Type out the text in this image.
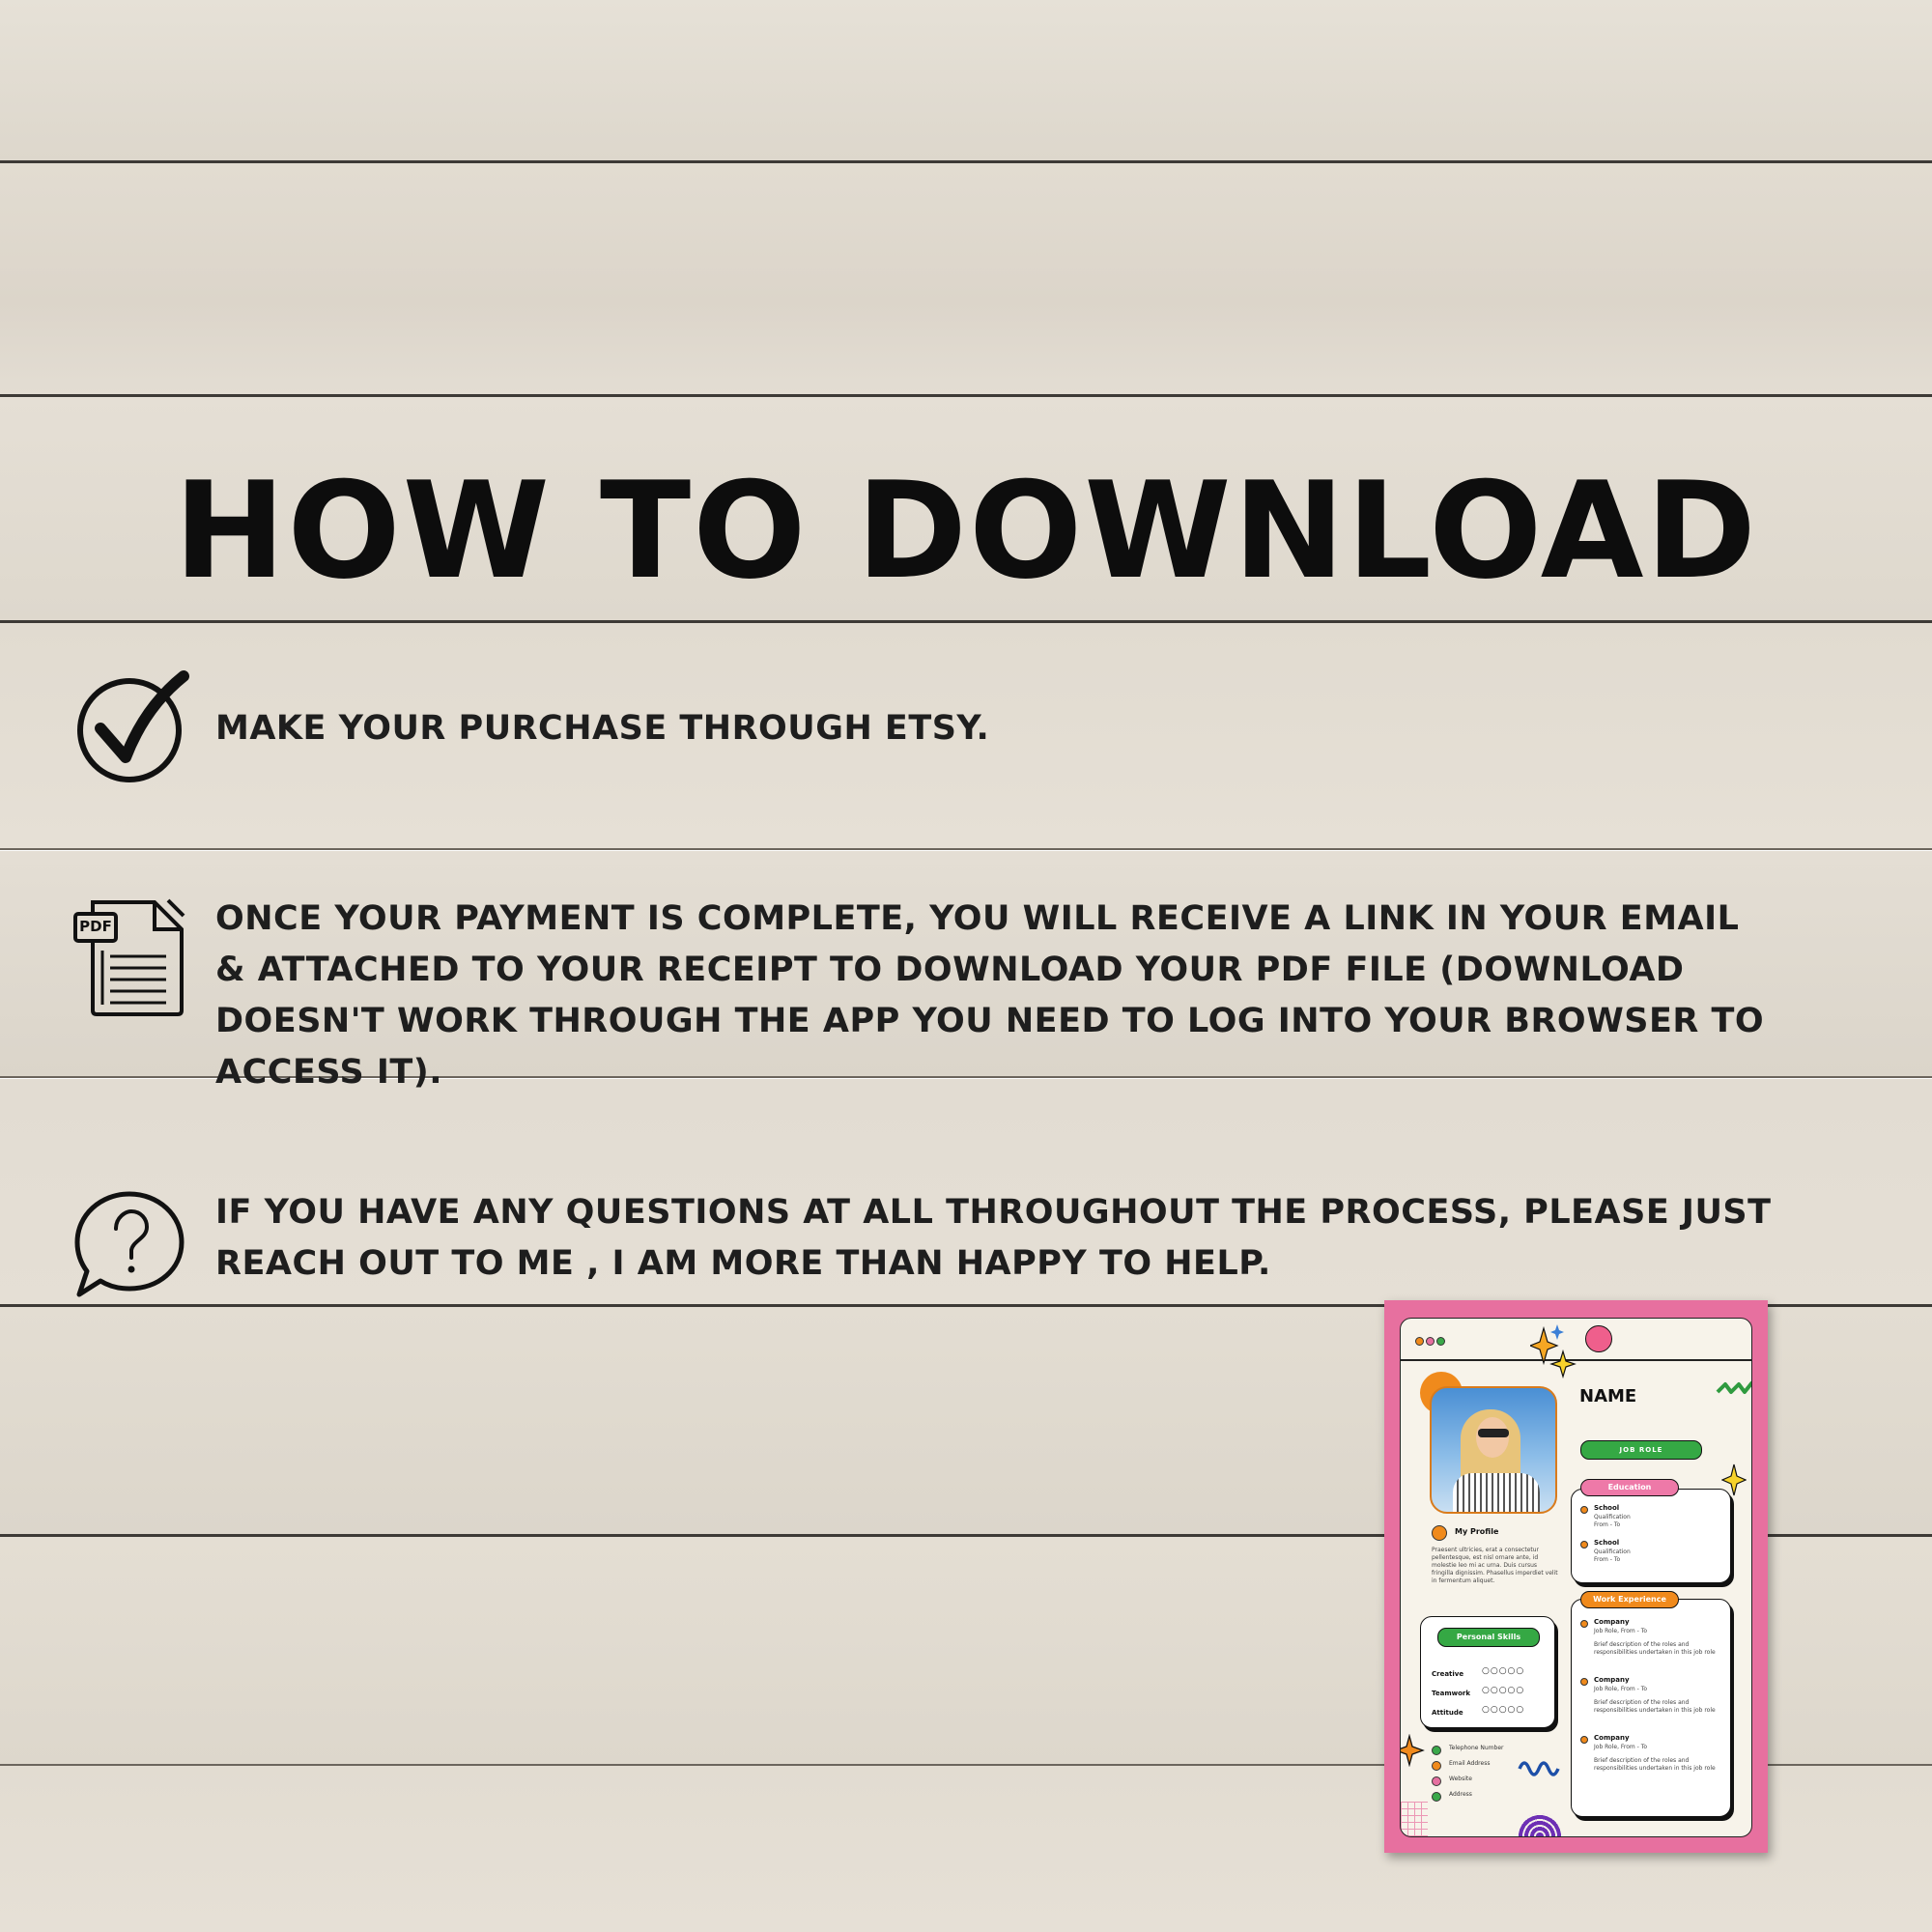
HOW TO DOWNLOAD
MAKE YOUR PURCHASE THROUGH ETSY.
PDF	ONCE YOUR PAYMENT IS COMPLETE, YOU WILL RECEIVE A LINK IN YOUR EMAIL & ATTACHED TO YOUR RECEIPT TO DOWNLOAD YOUR PDF FILE (DOWNLOAD DOESN'T WORK THROUGH THE APP YOU NEED TO LOG INTO YOUR BROWSER TO ACCESS IT).
IF YOU HAVE ANY QUESTIONS AT ALL THROUGHOUT THE PROCESS, PLEASE JUST REACH OUT TO ME , I AM MORE THAN HAPPY TO HELP.
NAME
JOB ROLE
My Profile
Praesent ultricies, erat a consectetur pellentesque, est nisl ornare ante, id molestie leo mi ac urna. Duis cursus fringilla dignissim. Phasellus imperdiet velit in fermentum aliquet.
Personal Skills
Creative ○○○○○
Teamwork ○○○○○
Attitude ○○○○○
Telephone Number
Email Address
Website
Address
Education
School
Qualification
From - To
School
Qualification
From - To
Work Experience
Company
Job Role, From - To
Brief description of the roles and responsibilities undertaken in this job role
Company
Job Role, From - To
Brief description of the roles and responsibilities undertaken in this job role
Company
Job Role, From - To
Brief description of the roles and responsibilities undertaken in this job role
